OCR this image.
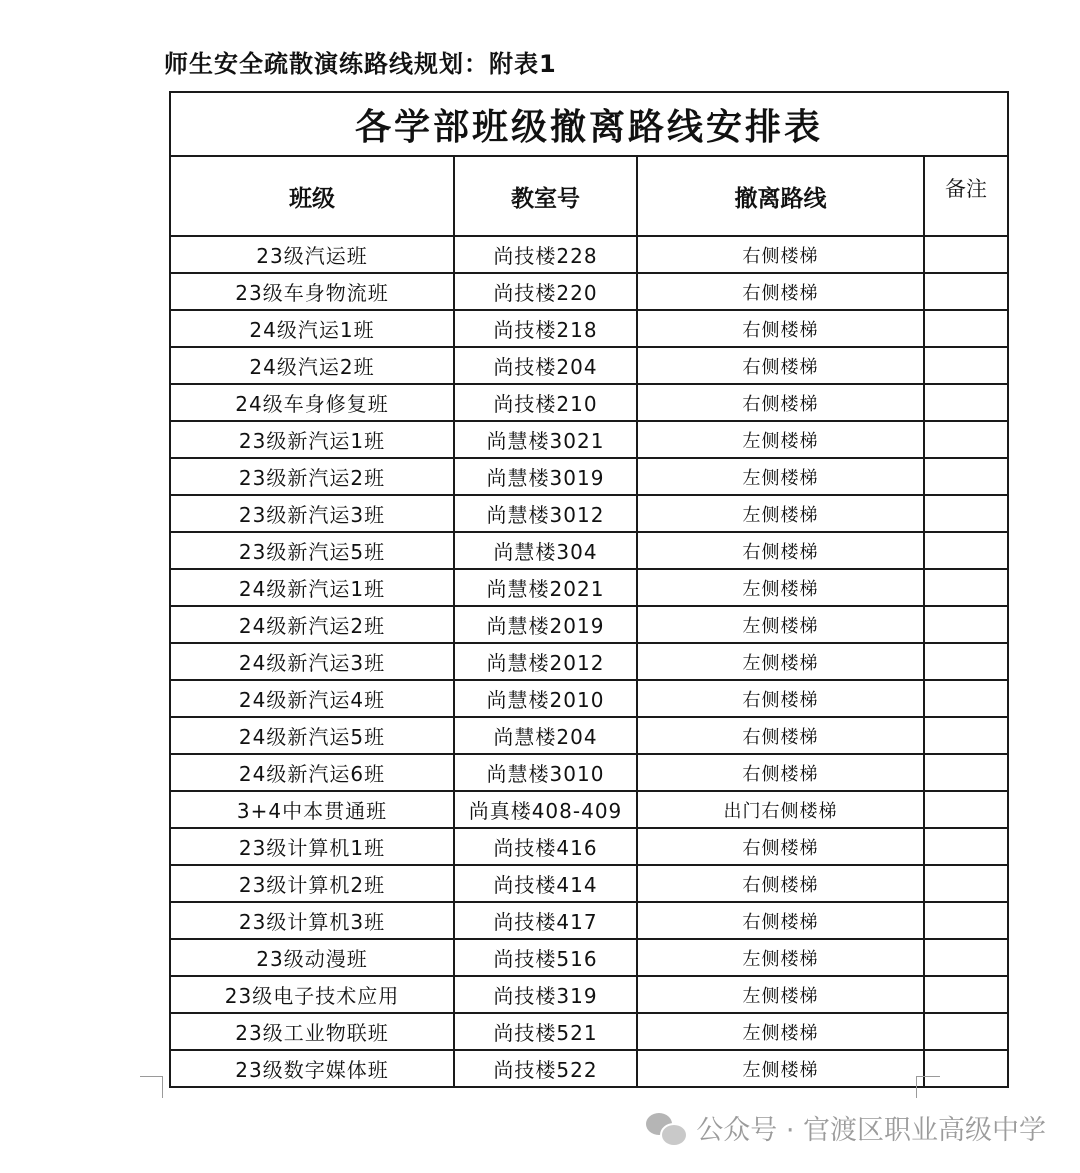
师生安全疏散演练路线规划：附表1
各学部班级撤离路线安排表			
班级	教室号	撤离路线	备注
23级汽运班	尚技楼228	右侧楼梯	
23级车身物流班	尚技楼220	右侧楼梯	
24级汽运1班	尚技楼218	右侧楼梯	
24级汽运2班	尚技楼204	右侧楼梯	
24级车身修复班	尚技楼210	右侧楼梯	
23级新汽运1班	尚慧楼3021	左侧楼梯	
23级新汽运2班	尚慧楼3019	左侧楼梯	
23级新汽运3班	尚慧楼3012	左侧楼梯	
23级新汽运5班	尚慧楼304	右侧楼梯	
24级新汽运1班	尚慧楼2021	左侧楼梯	
24级新汽运2班	尚慧楼2019	左侧楼梯	
24级新汽运3班	尚慧楼2012	左侧楼梯	
24级新汽运4班	尚慧楼2010	右侧楼梯	
24级新汽运5班	尚慧楼204	右侧楼梯	
24级新汽运6班	尚慧楼3010	右侧楼梯	
3+4中本贯通班	尚真楼408-409	出门右侧楼梯	
23级计算机1班	尚技楼416	右侧楼梯	
23级计算机2班	尚技楼414	右侧楼梯	
23级计算机3班	尚技楼417	右侧楼梯	
23级动漫班	尚技楼516	左侧楼梯	
23级电子技术应用	尚技楼319	左侧楼梯	
23级工业物联班	尚技楼521	左侧楼梯	
23级数字媒体班	尚技楼522	左侧楼梯	
公众号 · 官渡区职业高级中学
